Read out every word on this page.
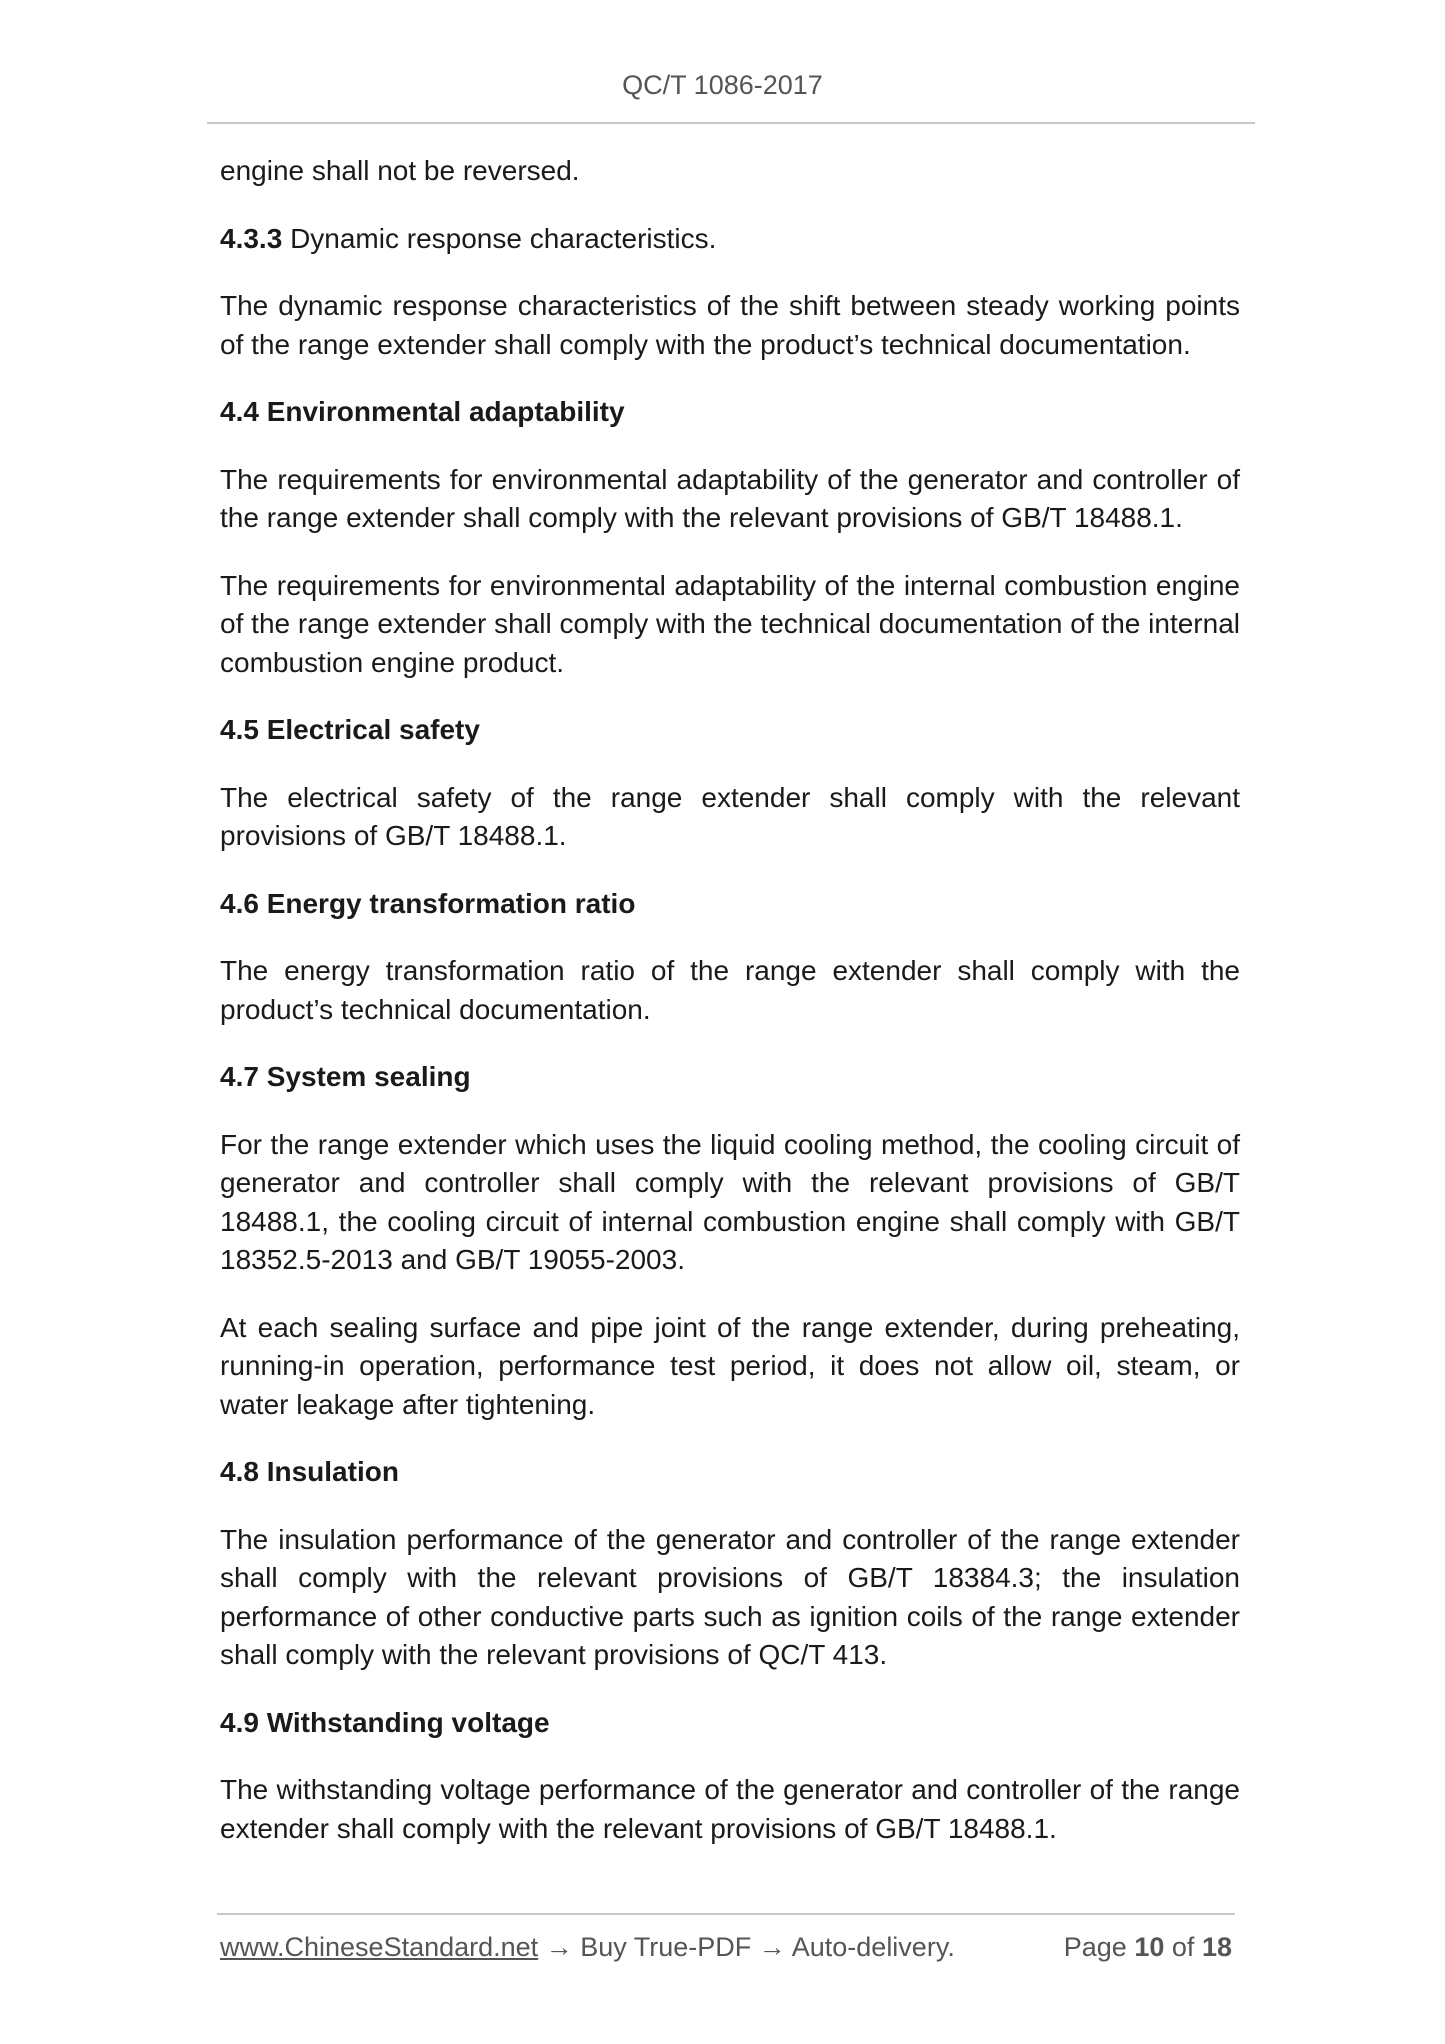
QC/T 1086-2017

engine shall not be reversed.

4.3.3 Dynamic response characteristics.

The dynamic response characteristics of the shift between steady working points of the range extender shall comply with the product’s technical documentation.

4.4 Environmental adaptability

The requirements for environmental adaptability of the generator and controller of the range extender shall comply with the relevant provisions of GB/T 18488.1.

The requirements for environmental adaptability of the internal combustion engine of the range extender shall comply with the technical documentation of the internal combustion engine product.

4.5 Electrical safety

The electrical safety of the range extender shall comply with the relevant provisions of GB/T 18488.1.

4.6 Energy transformation ratio

The energy transformation ratio of the range extender shall comply with the product’s technical documentation.

4.7 System sealing

For the range extender which uses the liquid cooling method, the cooling circuit of generator and controller shall comply with the relevant provisions of GB/T 18488.1, the cooling circuit of internal combustion engine shall comply with GB/T 18352.5-2013 and GB/T 19055-2003.

At each sealing surface and pipe joint of the range extender, during preheating, running-in operation, performance test period, it does not allow oil, steam, or water leakage after tightening.

4.8 Insulation

The insulation performance of the generator and controller of the range extender shall comply with the relevant provisions of GB/T 18384.3; the insulation performance of other conductive parts such as ignition coils of the range extender shall comply with the relevant provisions of QC/T 413.

4.9 Withstanding voltage

The withstanding voltage performance of the generator and controller of the range extender shall comply with the relevant provisions of GB/T 18488.1.

www.ChineseStandard.net → Buy True-PDF → Auto-delivery.	Page 10 of 18
